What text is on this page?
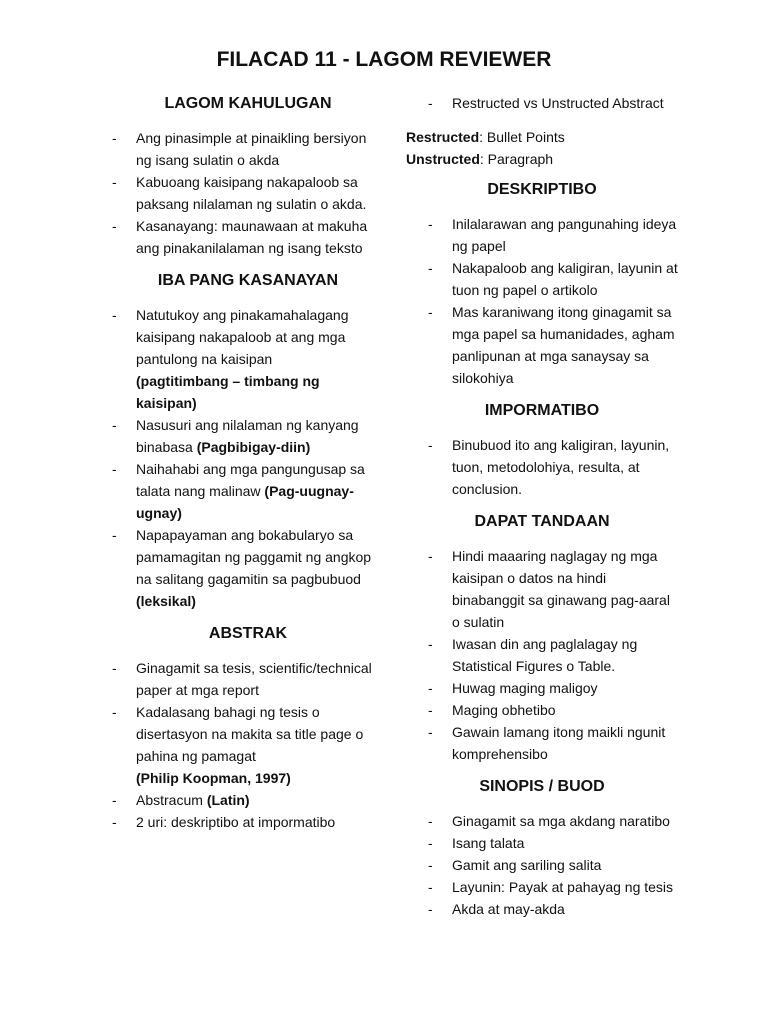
FILACAD 11 - LAGOM REVIEWER
LAGOM KAHULUGAN
- Ang pinasimple at pinaikling bersiyon ng isang sulatin o akda
- Kabuoang kaisipang nakapaloob sa paksang nilalaman ng sulatin o akda.
- Kasanayang: maunawaan at makuha ang pinakanilalaman ng isang teksto
IBA PANG KASANAYAN
- Natutukoy ang pinakamahalagang kaisipang nakapaloob at ang mga pantulong na kaisipan
(pagtitimbang – timbang ng kaisipan)
- Nasusuri ang nilalaman ng kanyang binabasa (Pagbibigay-diin)
- Naihahabi ang mga pangungusap sa talata nang malinaw (Pag-uugnay-ugnay)
- Napapayaman ang bokabularyo sa pamamagitan ng paggamit ng angkop na salitang gagamitin sa pagbubuod (leksikal)
ABSTRAK
- Ginagamit sa tesis, scientific/technical paper at mga report
- Kadalasang bahagi ng tesis o disertasyon na makita sa title page o pahina ng pamagat
(Philip Koopman, 1997)
- Abstracum (Latin)
- 2 uri: deskriptibo at impormatibo
- Restructed vs Unstructed Abstract

Restructed: Bullet Points

Unstructed: Paragraph

DESKRIPTIBO
- Inilalarawan ang pangunahing ideya ng papel
- Nakapaloob ang kaligiran, layunin at tuon ng papel o artikolo
- Mas karaniwang itong ginagamit sa mga papel sa humanidades, agham panlipunan at mga sanaysay sa silokohiya
IMPORMATIBO
- Binubuod ito ang kaligiran, layunin, tuon, metodolohiya, resulta, at conclusion.
DAPAT TANDAAN
- Hindi maaaring naglagay ng mga kaisipan o datos na hindi binabanggit sa ginawang pag-aaral o sulatin
- Iwasan din ang paglalagay ng Statistical Figures o Table.
- Huwag maging maligoy
- Maging obhetibo
- Gawain lamang itong maikli ngunit komprehensibo
SINOPIS / BUOD
- Ginagamit sa mga akdang naratibo
- Isang talata
- Gamit ang sariling salita
- Layunin: Payak at pahayag ng tesis
- Akda at may-akda
